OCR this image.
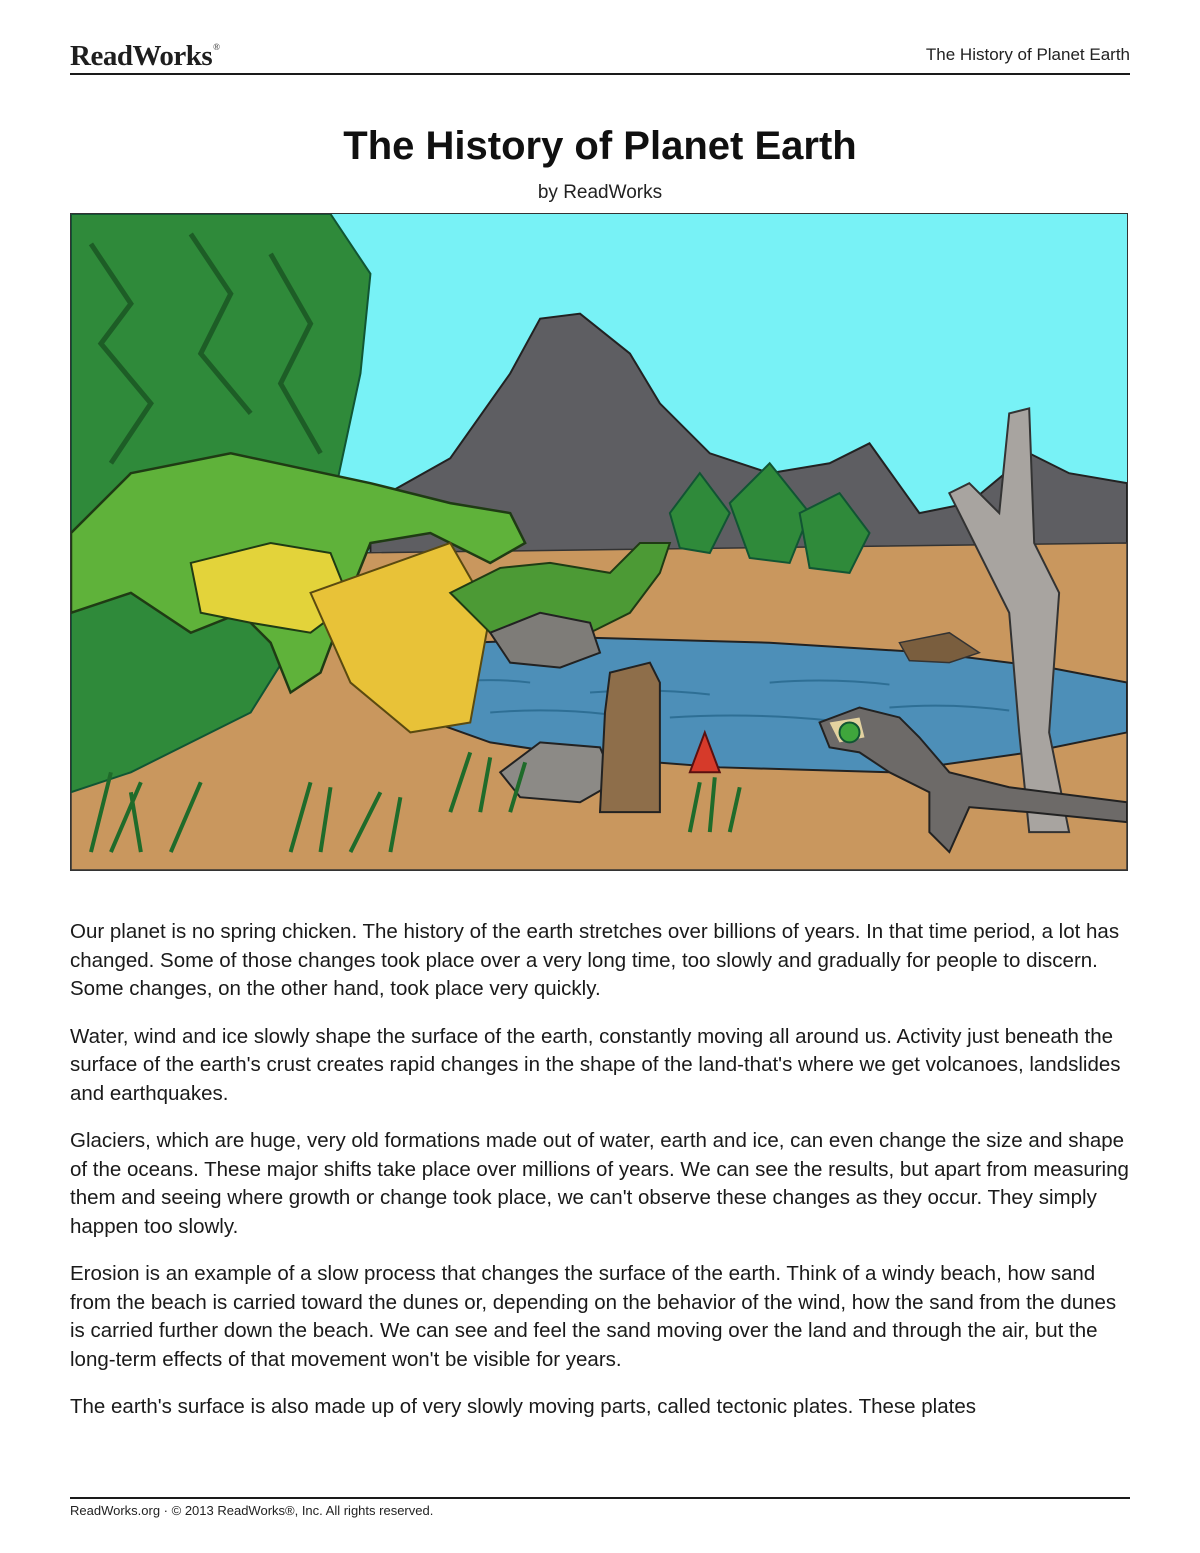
ReadWorks®	The History of Planet Earth
The History of Planet Earth
by ReadWorks

Our planet is no spring chicken. The history of the earth stretches over billions of years. In that time period, a lot has changed. Some of those changes took place over a very long time, too slowly and gradually for people to discern. Some changes, on the other hand, took place very quickly.

Water, wind and ice slowly shape the surface of the earth, constantly moving all around us. Activity just beneath the surface of the earth's crust creates rapid changes in the shape of the land-that's where we get volcanoes, landslides and earthquakes.

Glaciers, which are huge, very old formations made out of water, earth and ice, can even change the size and shape of the oceans. These major shifts take place over millions of years. We can see the results, but apart from measuring them and seeing where growth or change took place, we can't observe these changes as they occur. They simply happen too slowly.

Erosion is an example of a slow process that changes the surface of the earth. Think of a windy beach, how sand from the beach is carried toward the dunes or, depending on the behavior of the wind, how the sand from the dunes is carried further down the beach. We can see and feel the sand moving over the land and through the air, but the long-term effects of that movement won't be visible for years.

The earth's surface is also made up of very slowly moving parts, called tectonic plates. These plates

ReadWorks.org · © 2013 ReadWorks®, Inc. All rights reserved.
